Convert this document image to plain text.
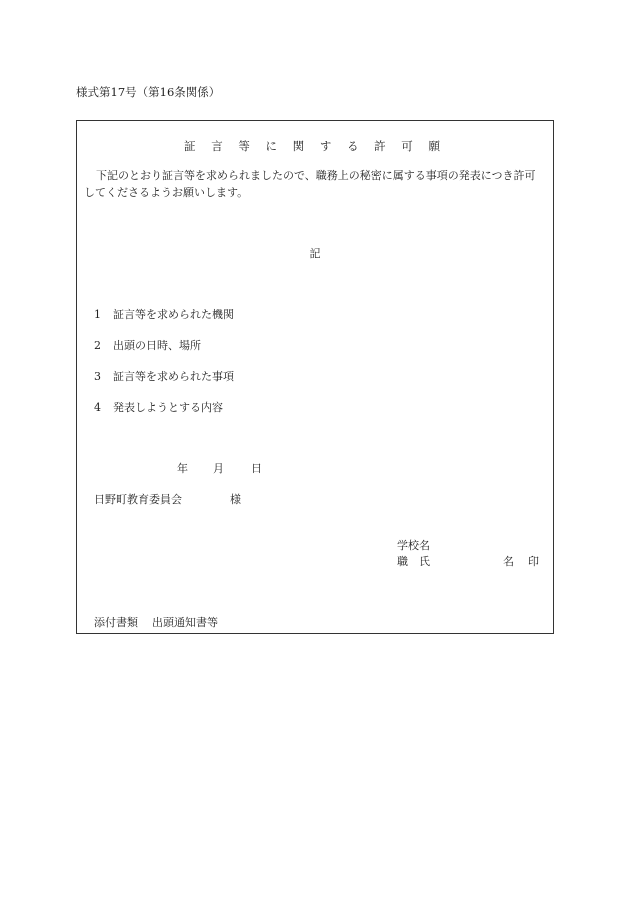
様式第17号（第16条関係）
証 言 等 に 関 す る 許 可 願
下記のとおり証言等を求められましたので、職務上の秘密に属する事項の発表につき許可してくださるようお願いします。
記
1 証言等を求められた機関
2 出頭の日時、場所
3 証言等を求められた事項
4 発表しようとする内容
年 月 日
日野町教育委員会	様
学校名
職　氏	名 印
添付書類 出頭通知書等
